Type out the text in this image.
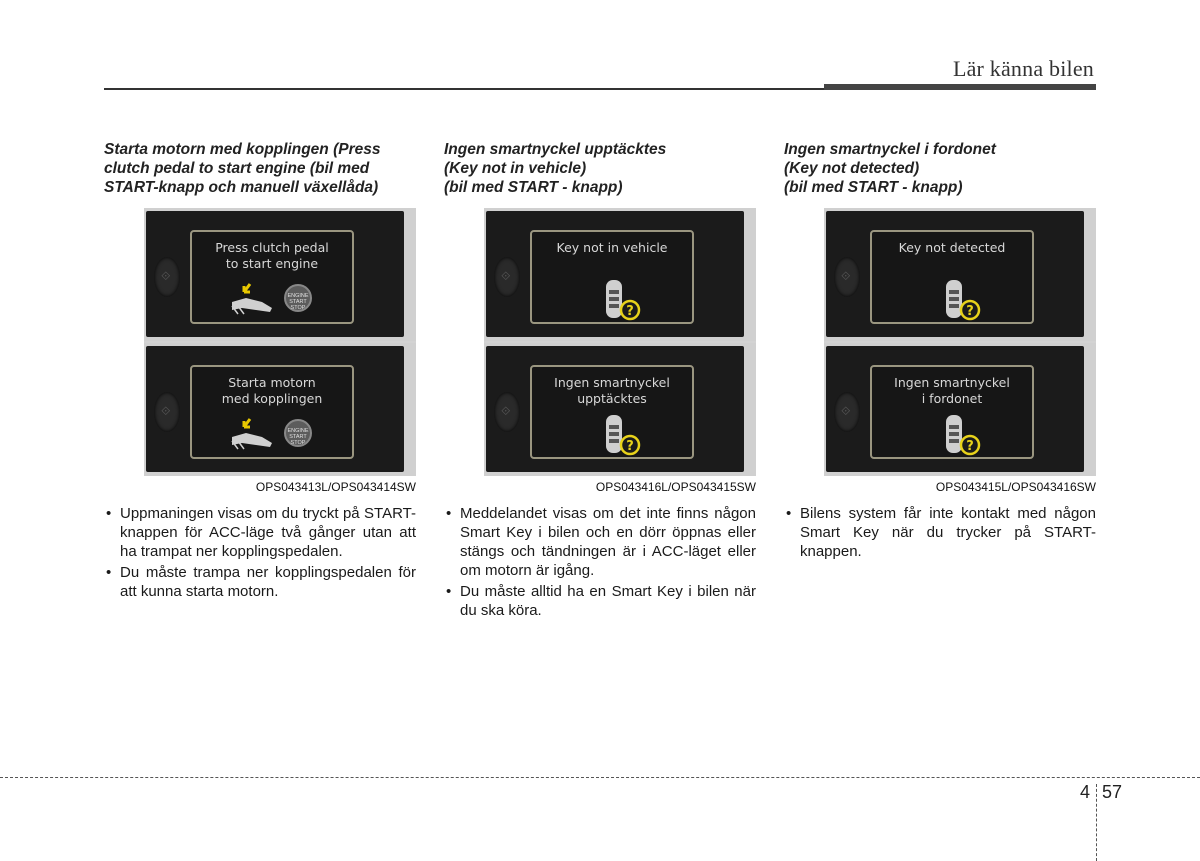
Lär känna bilen
Starta motorn med kopplingen (Press
clutch pedal to start engine (bil med
START-knapp och manuell växellåda)
⟐
Press clutch pedal
to start engine
ENGINE
START
STOP
⟐
Starta motorn
med kopplingen
ENGINE
START
STOP
OPS043413L/OPS043414SW
• Uppmaningen visas om du tryckt på START-knappen för ACC-läge två gånger utan att ha trampat ner kopplingspedalen.
• Du måste trampa ner kopplingspedalen för att kunna starta motorn.
Ingen smartnyckel upptäcktes
(Key not in vehicle)
(bil med START - knapp)
⟐
Key not in vehicle
?
⟐
Ingen smartnyckel
upptäcktes
?
OPS043416L/OPS043415SW
• Meddelandet visas om det inte finns någon Smart Key i bilen och en dörr öppnas eller stängs och tändningen är i ACC-läget eller om motorn är igång.
• Du måste alltid ha en Smart Key i bilen när du ska köra.
Ingen smartnyckel i fordonet
(Key not detected)
(bil med START - knapp)
⟐
Key not detected
?
⟐
Ingen smartnyckel
i fordonet
?
OPS043415L/OPS043416SW
• Bilens system får inte kontakt med någon Smart Key när du trycker på START-knappen.
4 57
